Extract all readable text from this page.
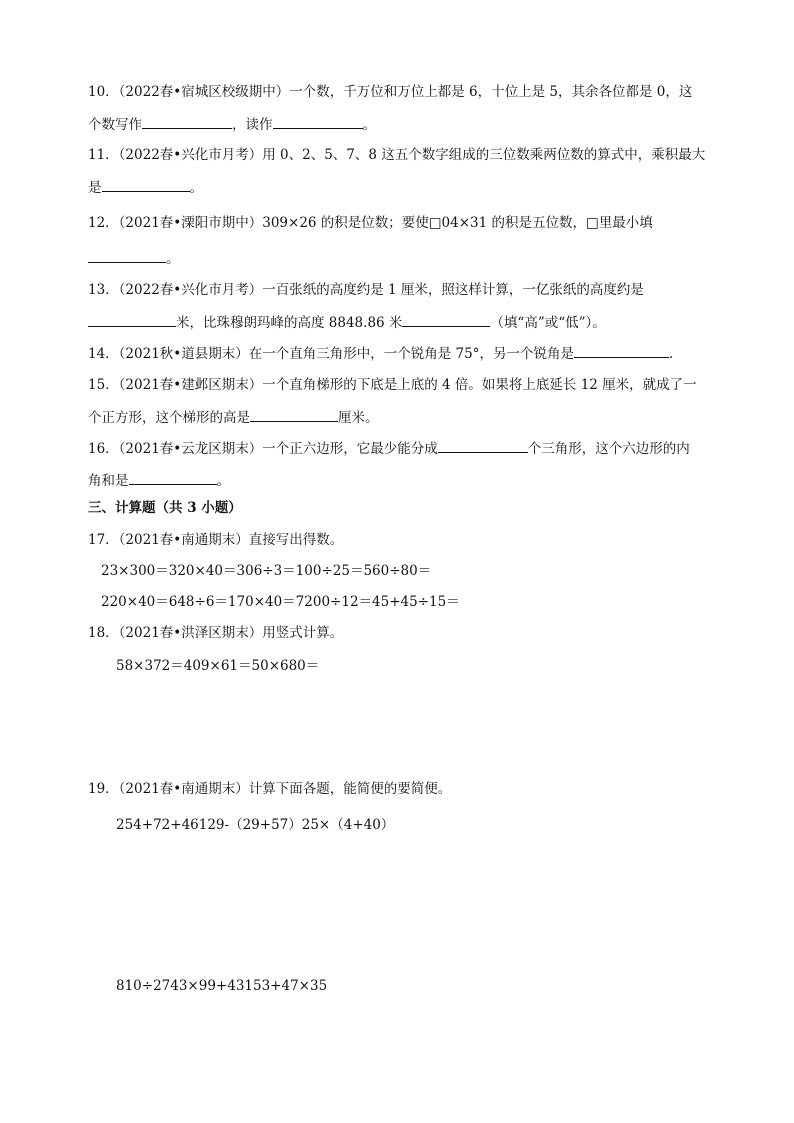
10．（2022春•宿城区校级期中）一个数，千万位和万位上都是 6，十位上是 5，其余各位都是 0，这
个数写作	，读作	。
11．（2022春•兴化市月考）用 0、2、5、7、8 这五个数字组成的三位数乘两位数的算式中，乘积最大
是	。
12．（2021春•溧阳市期中）309×26 的积是位数；要使□04×31 的积是五位数，□里最小填
。
13．（2022春•兴化市月考）一百张纸的高度约是 1 厘米，照这样计算，一亿张纸的高度约是
米，比珠穆朗玛峰的高度 8848.86 米	（填“高”或“低”）。
14．（2021秋•道县期末）在一个直角三角形中，一个锐角是 75°，另一个锐角是	．
15．（2021春•建邺区期末）一个直角梯形的下底是上底的 4 倍。如果将上底延长 12 厘米，就成了一
个正方形，这个梯形的高是	厘米。
16．（2021春•云龙区期末）一个正六边形，它最少能分成	个三角形，这个六边形的内
角和是	。
三、计算题（共 3 小题）
17．（2021春•南通期末）直接写出得数。
23×300＝320×40＝306÷3＝100÷25＝560÷80＝
220×40＝648÷6＝170×40＝7200÷12＝45+45÷15＝
18．（2021春•洪泽区期末）用竖式计算。
58×372＝409×61＝50×680＝
19．（2021春•南通期末）计算下面各题，能简便的要简便。
254+72+46129-（29+57）25×（4+40）
810÷2743×99+43153+47×35
